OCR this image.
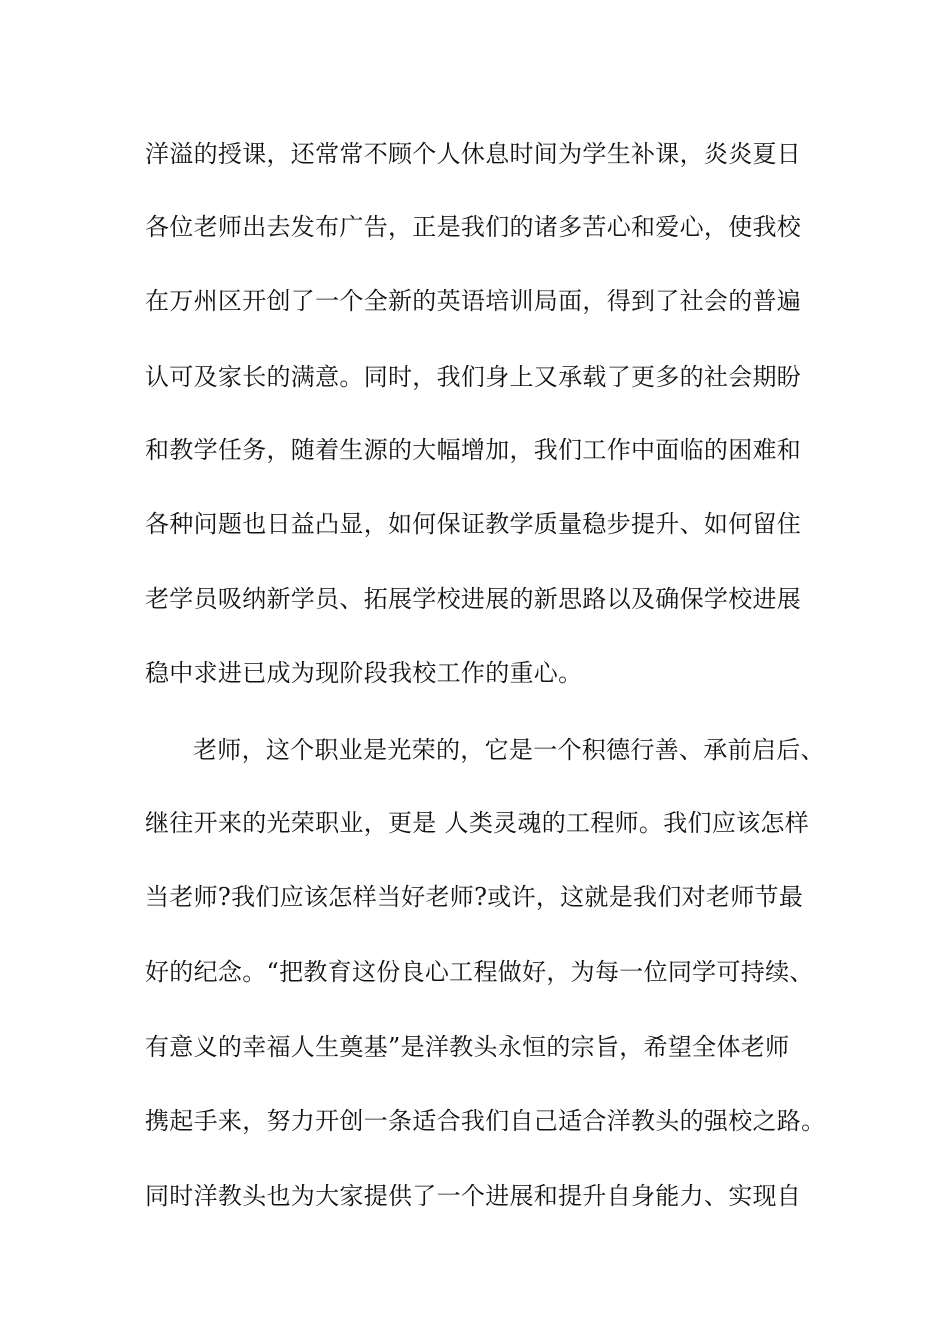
洋溢的授课，还常常不顾个人休息时间为学生补课，炎炎夏日
各位老师出去发布广告，正是我们的诸多苦心和爱心，使我校
在万州区开创了一个全新的英语培训局面，得到了社会的普遍
认可及家长的满意。同时，我们身上又承载了更多的社会期盼
和教学任务，随着生源的大幅增加，我们工作中面临的困难和
各种问题也日益凸显，如何保证教学质量稳步提升、如何留住
老学员吸纳新学员、拓展学校进展的新思路以及确保学校进展
稳中求进已成为现阶段我校工作的重心。
老师，这个职业是光荣的，它是一个积德行善、承前启后、
继往开来的光荣职业，更是 人类灵魂的工程师。我们应该怎样
当老师?我们应该怎样当好老师?或许，这就是我们对老师节最
好的纪念。“把教育这份良心工程做好，为每一位同学可持续、
有意义的幸福人生奠基”是洋教头永恒的宗旨，希望全体老师
携起手来，努力开创一条适合我们自己适合洋教头的强校之路。
同时洋教头也为大家提供了一个进展和提升自身能力、实现自
